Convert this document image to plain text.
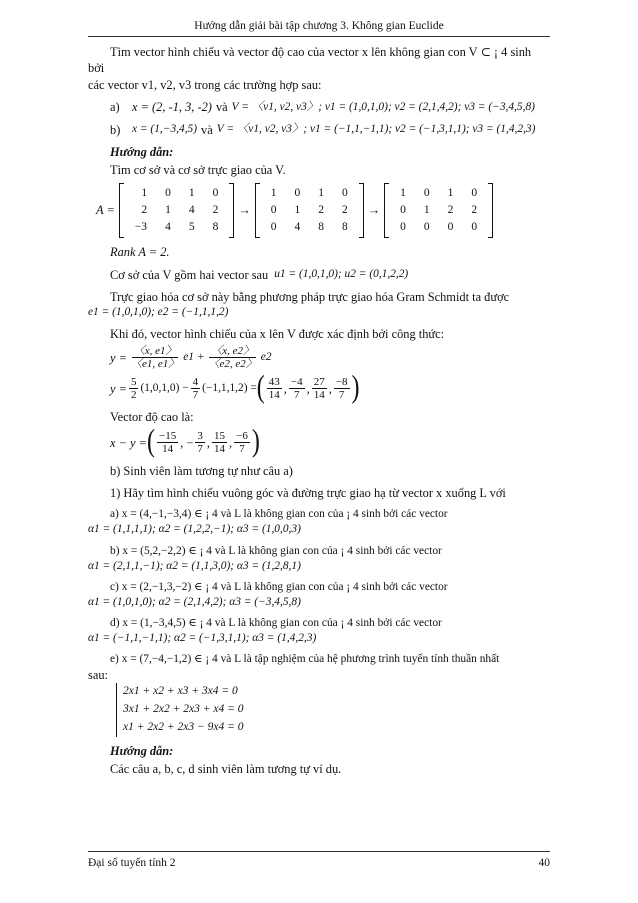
Hướng dẫn giải bài tập chương 3. Không gian Euclide

Tìm vector hình chiếu và vector độ cao của vector x lên không gian con V ⊂ ¡ 4 sinh bởi

các vector v1, v2, v3 trong các trường hợp sau:

a) x = (2, -1, 3, -2) và V = 〈v1, v2, v3〉; v1 = (1,0,1,0); v2 = (2,1,4,2); v3 = (−3,4,5,8)
b)	x = (1,−3,4,5) và V = 〈v1, v2, v3〉; v1 = (−1,1,−1,1); v2 = (−1,3,1,1); v3 = (1,4,2,3)

Hướng dẫn:

Tìm cơ sở và cơ sở trực giao của V.

A =
1	0	1	0
2	1	4	2
−3	4	5	8
→
1	0	1	0
0	1	2	2
0	4	8	8
→
1	0	1	0
0	1	2	2
0	0	0	0

Rank A = 2.

Cơ sở của V gồm hai vector sau u1 = (1,0,1,0); u2 = (0,1,2,2)

Trực giao hóa cơ sở này bằng phương pháp trực giao hóa Gram Schmidt ta được

e1 = (1,0,1,0); e2 = (−1,1,1,2)

Khi đó, vector hình chiếu của x lên V được xác định bởi công thức:

$y = \frac{〈x, e1〉}{〈e1, e1〉} e1 + \frac{〈x, e2〉}{〈e2, e2〉} e2$
$y = \frac{5}{2} (1,0,1,0) - \frac{4}{7} (-1,1,1,2)$ = ( $\frac{43}{14}$ , $\frac{-4}{7}$ , $\frac{27}{14}$ , $\frac{-8}{7}$ )

Vector độ cao là:

x − y = ( $\frac{-15}{14}$ , − $\frac{3}{7}$ , $\frac{15}{14}$ , $\frac{-6}{7}$ )

b) Sinh viên làm tương tự như câu a)

1) Hãy tìm hình chiếu vuông góc và đường trực giao hạ từ vector x xuống L với

a) x = (4,−1,−3,4) ∈ ¡ 4 và L là không gian con của ¡ 4 sinh bởi các vector

α1 = (1,1,1,1); α2 = (1,2,2,−1); α3 = (1,0,0,3)

b) x = (5,2,−2,2) ∈ ¡ 4 và L là không gian con của ¡ 4 sinh bởi các vector

α1 = (2,1,1,−1); α2 = (1,1,3,0); α3 = (1,2,8,1)

c) x = (2,−1,3,−2) ∈ ¡ 4 và L là không gian con của ¡ 4 sinh bởi các vector

α1 = (1,0,1,0); α2 = (2,1,4,2); α3 = (−3,4,5,8)

d) x = (1,−3,4,5) ∈ ¡ 4 và L là không gian con của ¡ 4 sinh bởi các vector

α1 = (−1,1,−1,1); α2 = (−1,3,1,1); α3 = (1,4,2,3)

e) x = (7,−4,−1,2) ∈ ¡ 4 và L là tập nghiệm của hệ phương trình tuyến tính thuần nhất

sau:

2x1 + x2 + x3 + 3x4 = 0
3x1 + 2x2 + 2x3 + x4 = 0
x1 + 2x2 + 2x3 − 9x4 = 0

Hướng dẫn:

Các câu a, b, c, d sinh viên làm tương tự ví dụ.

Đại số tuyến tính 2	40
